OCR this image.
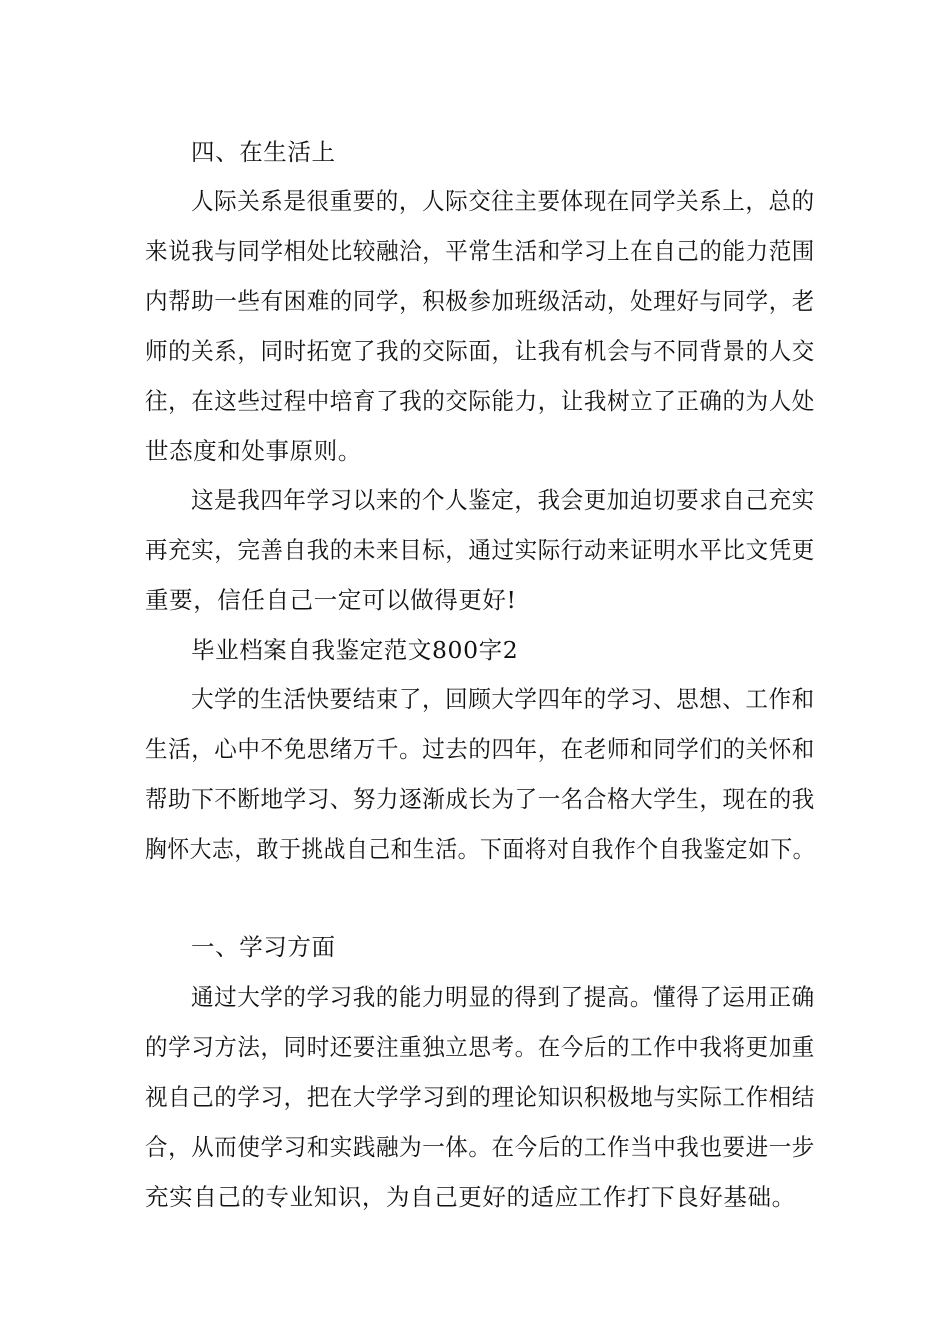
四、在生活上
人际关系是很重要的，人际交往主要体现在同学关系上，总的
来说我与同学相处比较融洽，平常生活和学习上在自己的能力范围
内帮助一些有困难的同学，积极参加班级活动，处理好与同学，老
师的关系，同时拓宽了我的交际面，让我有机会与不同背景的人交
往，在这些过程中培育了我的交际能力，让我树立了正确的为人处
世态度和处事原则。
这是我四年学习以来的个人鉴定，我会更加迫切要求自己充实
再充实，完善自我的未来目标，通过实际行动来证明水平比文凭更
重要，信任自己一定可以做得更好!
毕业档案自我鉴定范文800字2
大学的生活快要结束了，回顾大学四年的学习、思想、工作和
生活，心中不免思绪万千。过去的四年，在老师和同学们的关怀和
帮助下不断地学习、努力逐渐成长为了一名合格大学生，现在的我
胸怀大志，敢于挑战自己和生活。下面将对自我作个自我鉴定如下。
一、学习方面
通过大学的学习我的能力明显的得到了提高。懂得了运用正确
的学习方法，同时还要注重独立思考。在今后的工作中我将更加重
视自己的学习，把在大学学习到的理论知识积极地与实际工作相结
合，从而使学习和实践融为一体。在今后的工作当中我也要进一步
充实自己的专业知识，为自己更好的适应工作打下良好基础。
